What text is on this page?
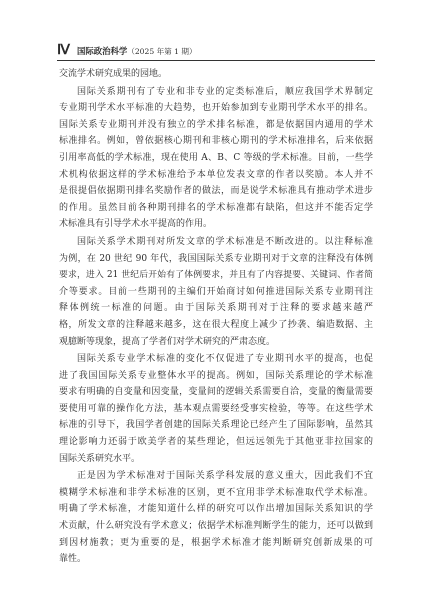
Ⅳ 国际政治科学（2025 年第 1 期）
交流学术研究成果的园地。
国际关系期刊有了专业和非专业的定类标准后，顺应我国学术界制定
专业期刊学术水平标准的大趋势，也开始参加到专业期刊学术水平的排名。
国际关系专业期刊并没有独立的学术排名标准，都是依据国内通用的学术
标准排名。例如，曾依据核心期刊和非核心期刊的学术标准排名，后来依据
引用率高低的学术标准，现在使用 A、B、C 等级的学术标准。目前，一些学
术机构依据这样的学术标准给予本单位发表文章的作者以奖励。本人并不
是很提倡依据期刊排名奖励作者的做法，而是说学术标准具有推动学术进步
的作用。虽然目前各种期刊排名的学术标准都有缺陷，但这并不能否定学
术标准具有引导学术水平提高的作用。
国际关系学术期刊对所发文章的学术标准是不断改进的。以注释标准
为例，在 20 世纪 90 年代，我国国际关系专业期刊对于文章的注释没有体例
要求，进入 21 世纪后开始有了体例要求，并且有了内容提要、关键词、作者简
介等要求。目前一些期刊的主编们开始商讨如何推进国际关系专业期刊注
释体例统一标准的问题。由于国际关系期刊对于注释的要求越来越严
格，所发文章的注释越来越多，这在很大程度上减少了抄袭、编造数据、主
观臆断等现象，提高了学者们对学术研究的严肃态度。
国际关系专业学术标准的变化不仅促进了专业期刊水平的提高，也促
进了我国国际关系专业整体水平的提高。例如，国际关系理论的学术标准
要求有明确的自变量和因变量，变量间的逻辑关系需要自洽，变量的衡量需要
要使用可靠的操作化方法，基本观点需要经受事实检验，等等。在这些学术
标准的引导下，我国学者创建的国际关系理论已经产生了国际影响，虽然其
理论影响力还弱于欧美学者的某些理论，但远远领先于其他亚非拉国家的
国际关系研究水平。
正是因为学术标准对于国际关系学科发展的意义重大，因此我们不宜
模糊学术标准和非学术标准的区别，更不宜用非学术标准取代学术标准。
明确了学术标准，才能知道什么样的研究可以作出增加国际关系知识的学
术贡献，什么研究没有学术意义；依据学术标准判断学生的能力，还可以做到
到因材施教；更为重要的是，根据学术标准才能判断研究创新成果的可
靠性。
